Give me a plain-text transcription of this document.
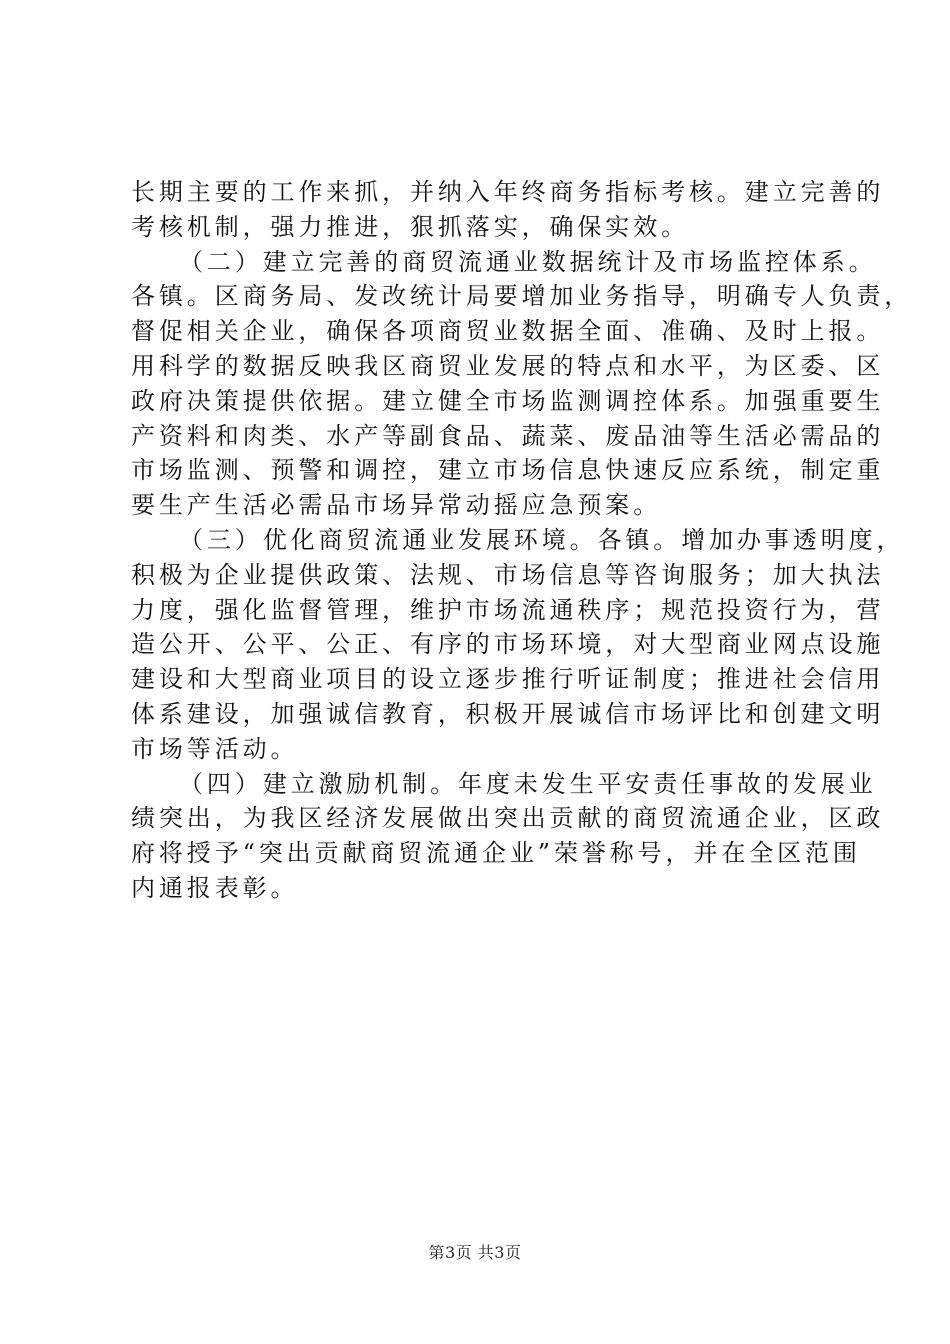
长期主要的工作来抓，并纳入年终商务指标考核。建立完善的
考核机制，强力推进，狠抓落实，确保实效。
（二）建立完善的商贸流通业数据统计及市场监控体系。
各镇。区商务局、发改统计局要增加业务指导，明确专人负责，
督促相关企业，确保各项商贸业数据全面、准确、及时上报。
用科学的数据反映我区商贸业发展的特点和水平，为区委、区
政府决策提供依据。建立健全市场监测调控体系。加强重要生
产资料和肉类、水产等副食品、蔬菜、废品油等生活必需品的
市场监测、预警和调控，建立市场信息快速反应系统，制定重
要生产生活必需品市场异常动摇应急预案。
（三）优化商贸流通业发展环境。各镇。增加办事透明度，
积极为企业提供政策、法规、市场信息等咨询服务；加大执法
力度，强化监督管理，维护市场流通秩序；规范投资行为，营
造公开、公平、公正、有序的市场环境，对大型商业网点设施
建设和大型商业项目的设立逐步推行听证制度；推进社会信用
体系建设，加强诚信教育，积极开展诚信市场评比和创建文明
市场等活动。
（四）建立激励机制。年度未发生平安责任事故的发展业
绩突出，为我区经济发展做出突出贡献的商贸流通企业，区政
府将授予“突出贡献商贸流通企业”荣誉称号，并在全区范围
内通报表彰。
第3页 共3页
